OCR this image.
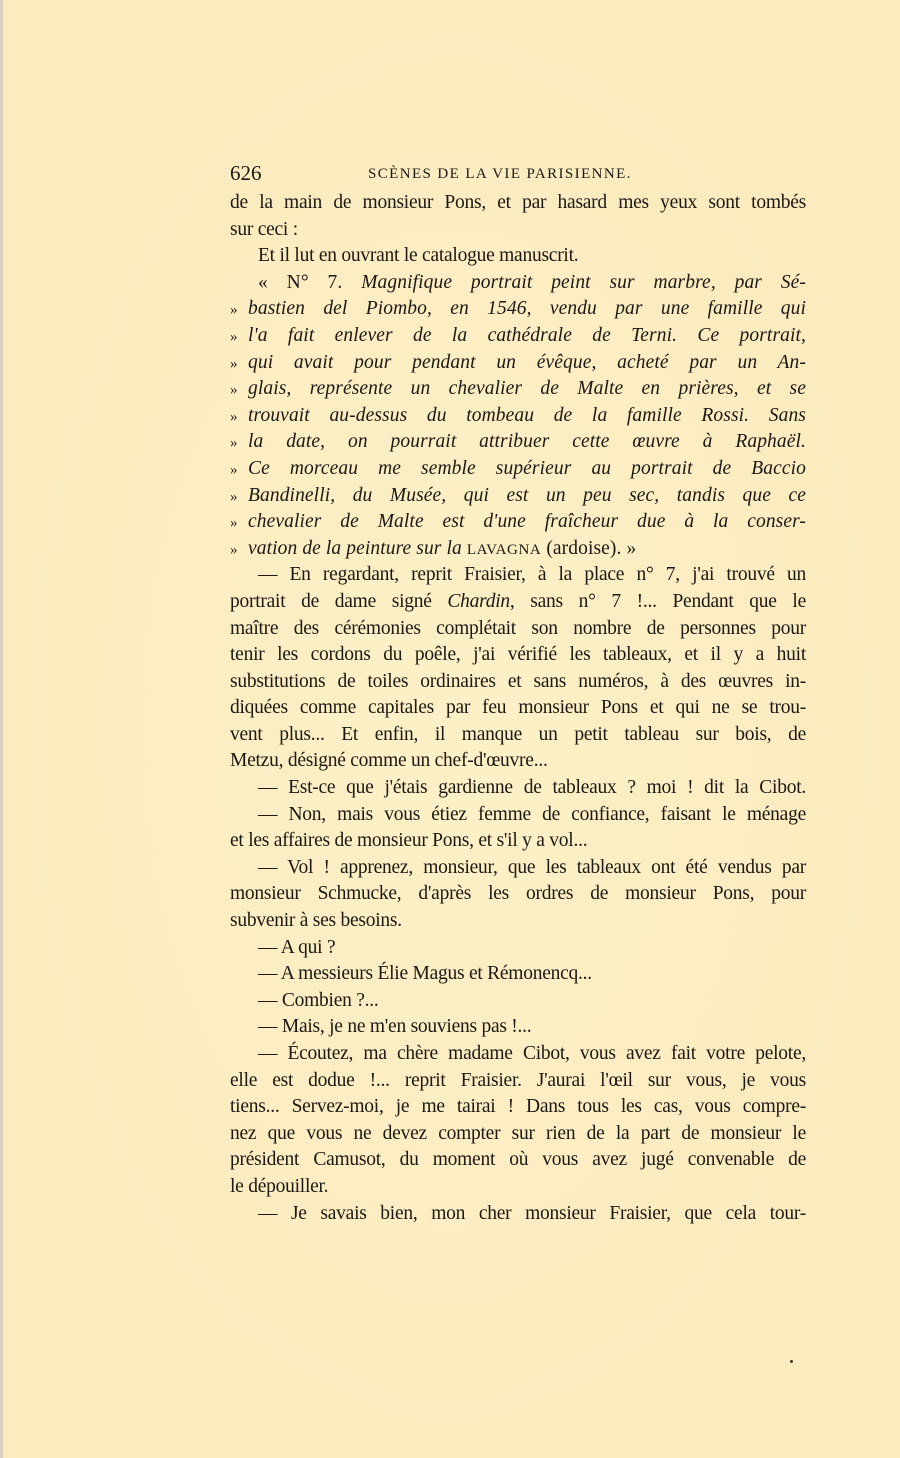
626	SCÈNES DE LA VIE PARISIENNE.
de la main de monsieur Pons, et par hasard mes yeux sont tombés
sur ceci :
Et il lut en ouvrant le catalogue manuscrit.
« N° 7. Magnifique portrait peint sur marbre, par Sé-
» bastien del Piombo, en 1546, vendu par une famille qui
» l'a fait enlever de la cathédrale de Terni. Ce portrait,
» qui avait pour pendant un évêque, acheté par un An-
» glais, représente un chevalier de Malte en prières, et se
» trouvait au-dessus du tombeau de la famille Rossi. Sans
» la date, on pourrait attribuer cette œuvre à Raphaël.
» Ce morceau me semble supérieur au portrait de Baccio
» Bandinelli, du Musée, qui est un peu sec, tandis que ce
» chevalier de Malte est d'une fraîcheur due à la conser-
» vation de la peinture sur la LAVAGNA (ardoise). »
— En regardant, reprit Fraisier, à la place n° 7, j'ai trouvé un
portrait de dame signé Chardin, sans n° 7 !... Pendant que le
maître des cérémonies complétait son nombre de personnes pour
tenir les cordons du poêle, j'ai vérifié les tableaux, et il y a huit
substitutions de toiles ordinaires et sans numéros, à des œuvres in-
diquées comme capitales par feu monsieur Pons et qui ne se trou-
vent plus... Et enfin, il manque un petit tableau sur bois, de
Metzu, désigné comme un chef-d'œuvre...
— Est-ce que j'étais gardienne de tableaux ? moi ! dit la Cibot.
— Non, mais vous étiez femme de confiance, faisant le ménage
et les affaires de monsieur Pons, et s'il y a vol...
— Vol ! apprenez, monsieur, que les tableaux ont été vendus par
monsieur Schmucke, d'après les ordres de monsieur Pons, pour
subvenir à ses besoins.
— A qui ?
— A messieurs Élie Magus et Rémonencq...
— Combien ?...
— Mais, je ne m'en souviens pas !...
— Écoutez, ma chère madame Cibot, vous avez fait votre pelote,
elle est dodue !... reprit Fraisier. J'aurai l'œil sur vous, je vous
tiens... Servez-moi, je me tairai ! Dans tous les cas, vous compre-
nez que vous ne devez compter sur rien de la part de monsieur le
président Camusot, du moment où vous avez jugé convenable de
le dépouiller.
— Je savais bien, mon cher monsieur Fraisier, que cela tour-
